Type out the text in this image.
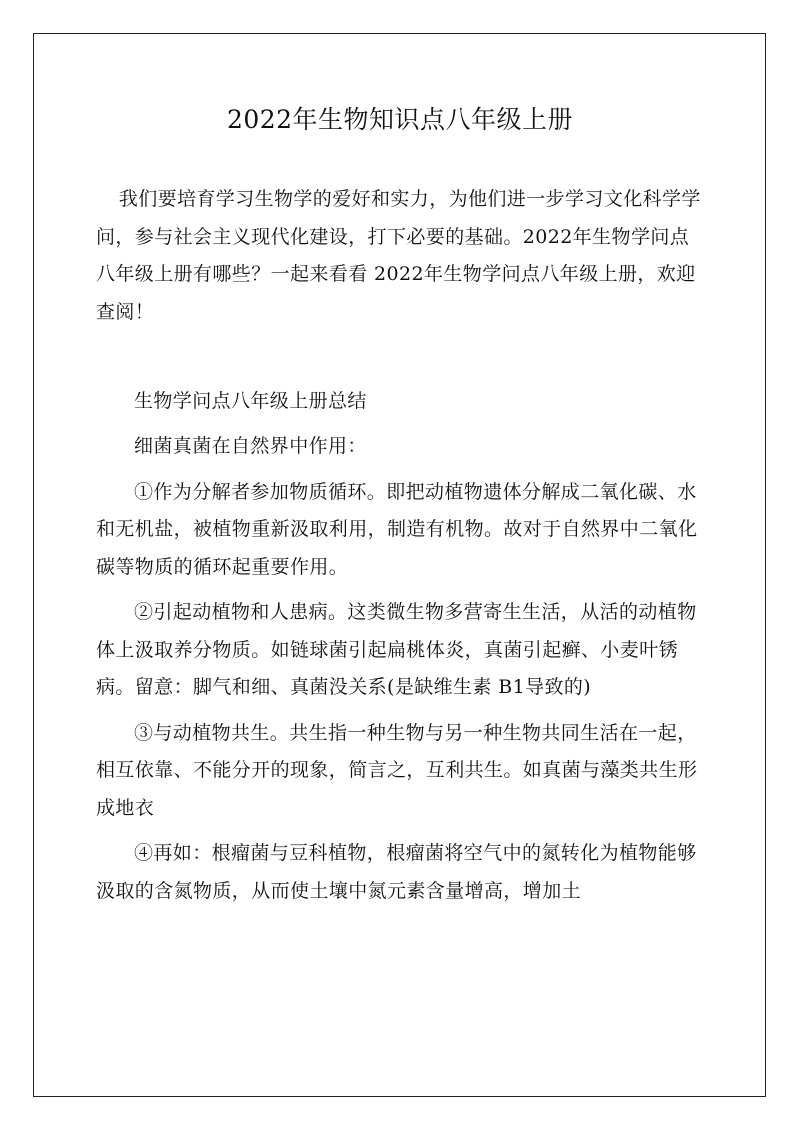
2022年生物知识点八年级上册

我们要培育学习生物学的爱好和实力，为他们进一步学习文化科学学问，参与社会主义现代化建设，打下必要的基础。2022年生物学问点八年级上册有哪些？一起来看看 2022年生物学问点八年级上册，欢迎查阅！

生物学问点八年级上册总结

细菌真菌在自然界中作用：

①作为分解者参加物质循环。即把动植物遗体分解成二氧化碳、水和无机盐，被植物重新汲取利用，制造有机物。故对于自然界中二氧化碳等物质的循环起重要作用。

②引起动植物和人患病。这类微生物多营寄生生活，从活的动植物体上汲取养分物质。如链球菌引起扁桃体炎，真菌引起癣、小麦叶锈病。留意：脚气和细、真菌没关系(是缺维生素 B1导致的)

③与动植物共生。共生指一种生物与另一种生物共同生活在一起，相互依靠、不能分开的现象，简言之，互利共生。如真菌与藻类共生形成地衣

④再如：根瘤菌与豆科植物，根瘤菌将空气中的氮转化为植物能够汲取的含氮物质，从而使土壤中氮元素含量增高，增加土
